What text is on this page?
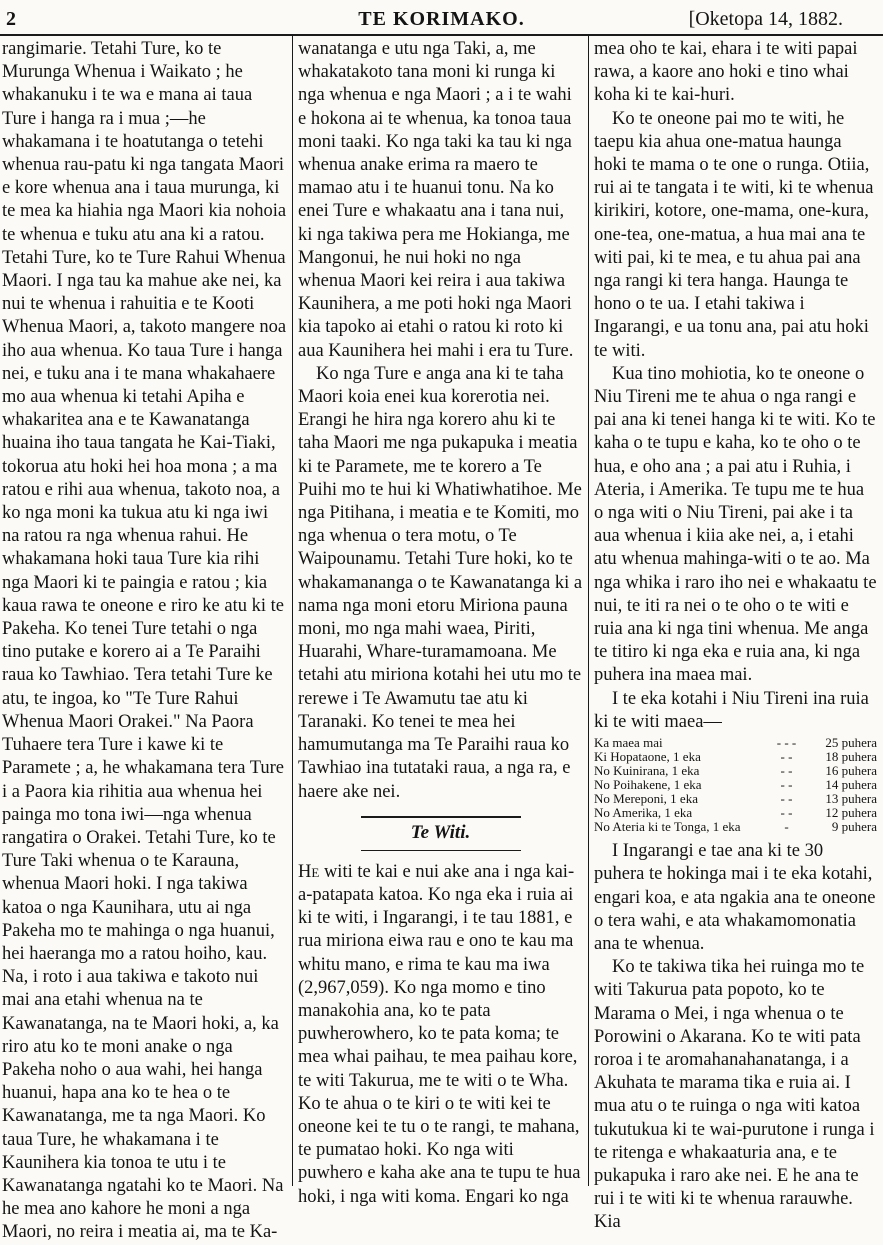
2	TE KORIMAKO.	[Oketopa 14, 1882.

rangimarie. Tetahi Ture, ko te Murunga Whenua i Waikato ; he whakanuku i te wa e mana ai taua Ture i hanga ra i mua ;—he whakamana i te hoatutanga o tetehi whenua rau-patu ki nga tangata Maori e kore whenua ana i taua murunga, ki te mea ka hiahia nga Maori kia nohoia te whenua e tuku atu ana ki a ratou. Tetahi Ture, ko te Ture Rahui Whenua Maori. I nga tau ka mahue ake nei, ka nui te whenua i rahuitia e te Kooti Whenua Maori, a, takoto mangere noa iho aua whenua. Ko taua Ture i hanga nei, e tuku ana i te mana whakahaere mo aua whenua ki tetahi Apiha e whakaritea ana e te Kawanatanga huaina iho taua tangata he Kai-Tiaki, tokorua atu hoki hei hoa mona ; a ma ratou e rihi aua whenua, takoto noa, a ko nga moni ka tukua atu ki nga iwi na ratou ra nga whenua rahui. He whakamana hoki taua Ture kia rihi nga Maori ki te paingia e ratou ; kia kaua rawa te oneone e riro ke atu ki te Pakeha. Ko tenei Ture tetahi o nga tino putake e korero ai a Te Paraihi raua ko Tawhiao. Tera tetahi Ture ke atu, te ingoa, ko "Te Ture Rahui Whenua Maori Orakei." Na Paora Tuhaere tera Ture i kawe ki te Paramete ; a, he whakamana tera Ture i a Paora kia rihitia aua whenua hei painga mo tona iwi—nga whenua rangatira o Orakei. Tetahi Ture, ko te Ture Taki whenua o te Karauna, whenua Maori hoki. I nga takiwa katoa o nga Kaunihara, utu ai nga Pakeha mo te mahinga o nga huanui, hei haeranga mo a ratou hoiho, kau. Na, i roto i aua takiwa e takoto nui mai ana etahi whenua na te Kawanatanga, na te Maori hoki, a, ka riro atu ko te moni anake o nga Pakeha noho o aua wahi, hei hanga huanui, hapa ana ko te hea o te Kawanatanga, me ta nga Maori. Ko taua Ture, he whakamana i te Kaunihera kia tonoa te utu i te Kawanatanga ngatahi ko te Maori. Na he mea ano kahore he moni a nga Maori, no reira i meatia ai, ma te Ka-

wanatanga e utu nga Taki, a, me whakatakoto tana moni ki runga ki nga whenua e nga Maori ; a i te wahi e hokona ai te whenua, ka tonoa taua moni taaki. Ko nga taki ka tau ki nga whenua anake erima ra maero te mamao atu i te huanui tonu. Na ko enei Ture e whakaatu ana i tana nui, ki nga takiwa pera me Hokianga, me Mangonui, he nui hoki no nga whenua Maori kei reira i aua takiwa Kaunihera, a me poti hoki nga Maori kia tapoko ai etahi o ratou ki roto ki aua Kaunihera hei mahi i era tu Ture.

Ko nga Ture e anga ana ki te taha Maori koia enei kua korerotia nei. Erangi he hira nga korero ahu ki te taha Maori me nga pukapuka i meatia ki te Paramete, me te korero a Te Puihi mo te hui ki Whatiwhatihoe. Me nga Pitihana, i meatia e te Komiti, mo nga whenua o tera motu, o Te Waipounamu. Tetahi Ture hoki, ko te whakamananga o te Kawanatanga ki a nama nga moni etoru Miriona pauna moni, mo nga mahi waea, Piriti, Huarahi, Whare-turamamoana. Me tetahi atu miriona kotahi hei utu mo te rerewe i Te Awamutu tae atu ki Taranaki. Ko tenei te mea hei hamumutanga ma Te Paraihi raua ko Tawhiao ina tutataki raua, a nga ra, e haere ake nei.

Te Witi.

He witi te kai e nui ake ana i nga kai-a-patapata katoa. Ko nga eka i ruia ai ki te witi, i Ingarangi, i te tau 1881, e rua miriona eiwa rau e ono te kau ma whitu mano, e rima te kau ma iwa (2,967,059). Ko nga momo e tino manakohia ana, ko te pata puwherowhero, ko te pata koma; te mea whai paihau, te mea paihau kore, te witi Takurua, me te witi o te Wha. Ko te ahua o te kiri o te witi kei te oneone kei te tu o te rangi, te mahana, te pumatao hoki. Ko nga witi puwhero e kaha ake ana te tupu te hua hoki, i nga witi koma. Engari ko nga

mea oho te kai, ehara i te witi papai rawa, a kaore ano hoki e tino whai koha ki te kai-huri.

Ko te oneone pai mo te witi, he taepu kia ahua one-matua haunga hoki te mama o te one o runga. Otiia, rui ai te tangata i te witi, ki te whenua kirikiri, kotore, one-mama, one-kura, one-tea, one-matua, a hua mai ana te witi pai, ki te mea, e tu ahua pai ana nga rangi ki tera hanga. Haunga te hono o te ua. I etahi takiwa i Ingarangi, e ua tonu ana, pai atu hoki te witi.

Kua tino mohiotia, ko te oneone o Niu Tireni me te ahua o nga rangi e pai ana ki tenei hanga ki te witi. Ko te kaha o te tupu e kaha, ko te oho o te hua, e oho ana ; a pai atu i Ruhia, i Ateria, i Amerika. Te tupu me te hua o nga witi o Niu Tireni, pai ake i ta aua whenua i kiia ake nei, a, i etahi atu whenua mahinga-witi o te ao. Ma nga whika i raro iho nei e whakaatu te nui, te iti ra nei o te oho o te witi e ruia ana ki nga tini whenua. Me anga te titiro ki nga eka e ruia ana, ki nga puhera ina maea mai.

I te eka kotahi i Niu Tireni ina ruia ki te witi maea—

Ka maea mai	- - -	25 puhera
Ki Hopataone, 1 eka	- -	18 puhera
No Kuinirana, 1 eka	- -	16 puhera
No Poihakene, 1 eka	- -	14 puhera
No Mereponi, 1 eka	- -	13 puhera
No Amerika, 1 eka	- -	12 puhera
No Ateria ki te Tonga, 1 eka	-	9 puhera

I Ingarangi e tae ana ki te 30 puhera te hokinga mai i te eka kotahi, engari koa, e ata ngakia ana te oneone o tera wahi, e ata whakamomonatia ana te whenua.

Ko te takiwa tika hei ruinga mo te witi Takurua pata popoto, ko te Marama o Mei, i nga whenua o te Porowini o Akarana. Ko te witi pata roroa i te aromahanahanatanga, i a Akuhata te marama tika e ruia ai. I mua atu o te ruinga o nga witi katoa tukutukua ki te wai-purutone i runga i te ritenga e whakaaturia ana, e te pukapuka i raro ake nei. E he ana te rui i te witi ki te whenua rarauwhe. Kia
